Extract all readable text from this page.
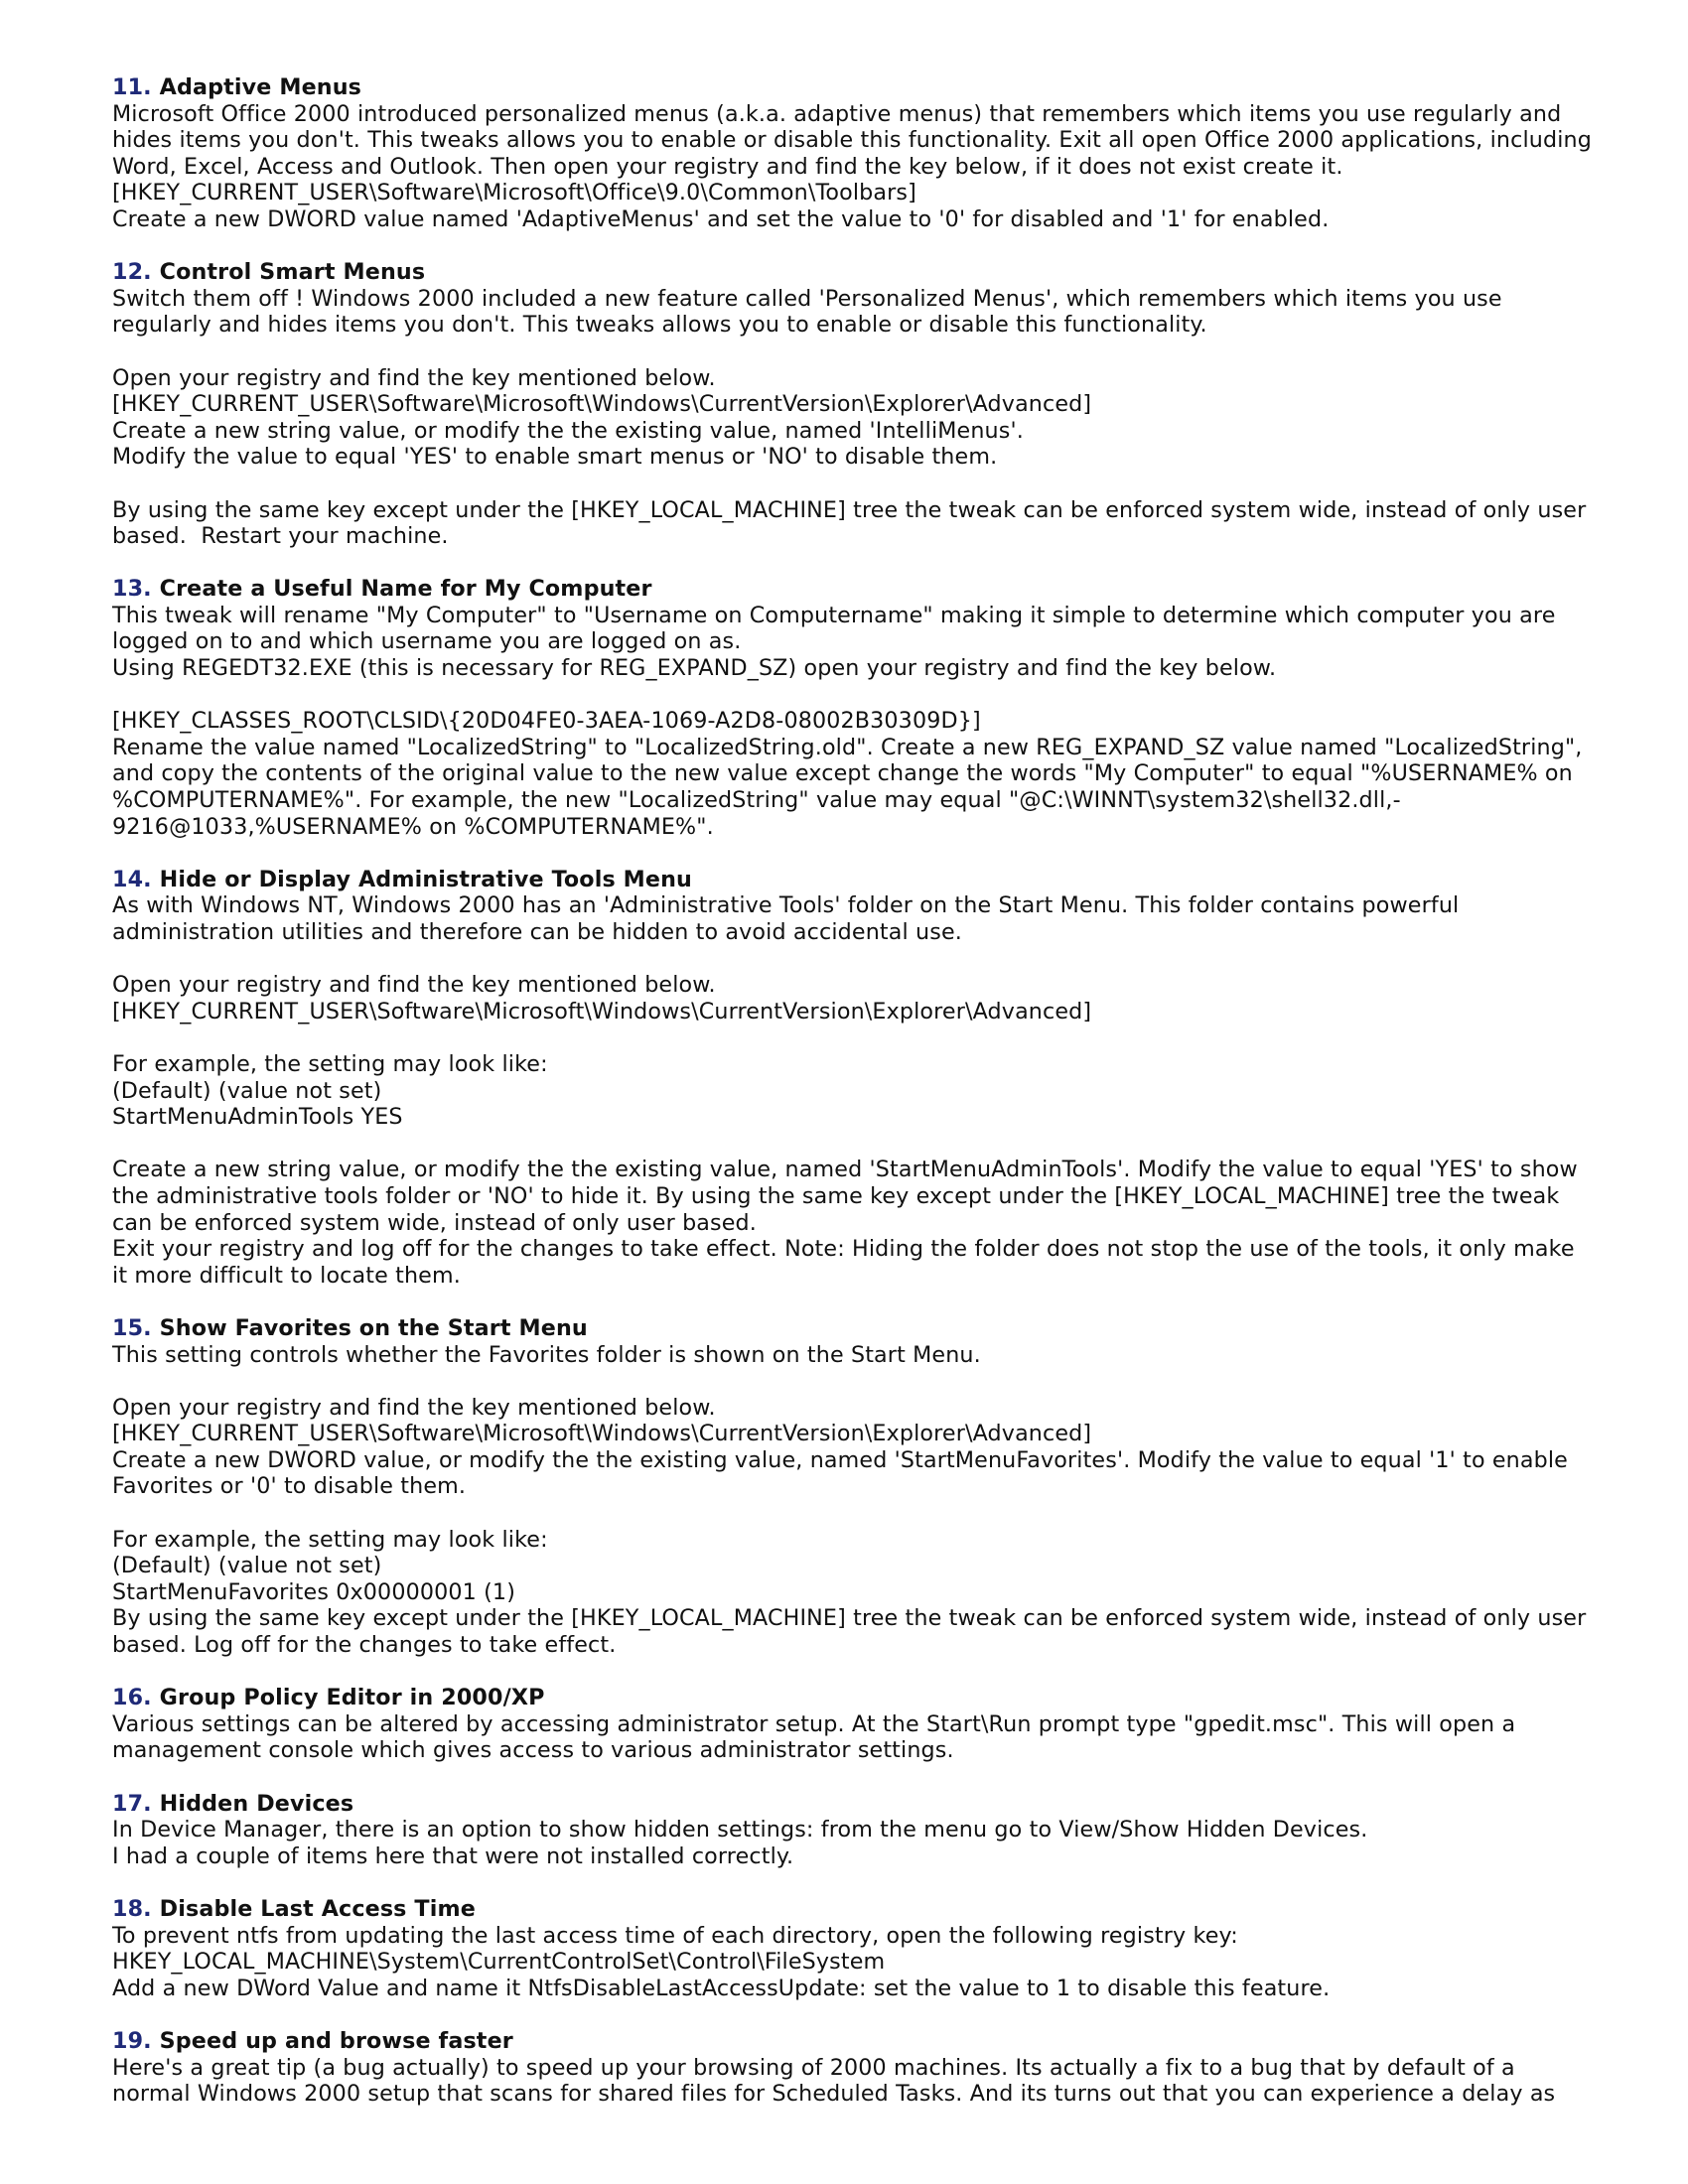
11. Adaptive Menus
Microsoft Office 2000 introduced personalized menus (a.k.a. adaptive menus) that remembers which items you use regularly and
hides items you don't. This tweaks allows you to enable or disable this functionality. Exit all open Office 2000 applications, including
Word, Excel, Access and Outlook. Then open your registry and find the key below, if it does not exist create it.
[HKEY_CURRENT_USER\Software\Microsoft\Office\9.0\Common\Toolbars]
Create a new DWORD value named 'AdaptiveMenus' and set the value to '0' for disabled and '1' for enabled.
12. Control Smart Menus
Switch them off ! Windows 2000 included a new feature called 'Personalized Menus', which remembers which items you use
regularly and hides items you don't. This tweaks allows you to enable or disable this functionality.
Open your registry and find the key mentioned below.
[HKEY_CURRENT_USER\Software\Microsoft\Windows\CurrentVersion\Explorer\Advanced]
Create a new string value, or modify the the existing value, named 'IntelliMenus'.
Modify the value to equal 'YES' to enable smart menus or 'NO' to disable them.
By using the same key except under the [HKEY_LOCAL_MACHINE] tree the tweak can be enforced system wide, instead of only user
based.  Restart your machine.
13. Create a Useful Name for My Computer
This tweak will rename "My Computer" to "Username on Computername" making it simple to determine which computer you are
logged on to and which username you are logged on as.
Using REGEDT32.EXE (this is necessary for REG_EXPAND_SZ) open your registry and find the key below.
[HKEY_CLASSES_ROOT\CLSID\{20D04FE0-3AEA-1069-A2D8-08002B30309D}]
Rename the value named "LocalizedString" to "LocalizedString.old". Create a new REG_EXPAND_SZ value named "LocalizedString",
and copy the contents of the original value to the new value except change the words "My Computer" to equal "%USERNAME% on
%COMPUTERNAME%". For example, the new "LocalizedString" value may equal "@C:\WINNT\system32\shell32.dll,-
9216@1033,%USERNAME% on %COMPUTERNAME%".
14. Hide or Display Administrative Tools Menu
As with Windows NT, Windows 2000 has an 'Administrative Tools' folder on the Start Menu. This folder contains powerful
administration utilities and therefore can be hidden to avoid accidental use.
Open your registry and find the key mentioned below.
[HKEY_CURRENT_USER\Software\Microsoft\Windows\CurrentVersion\Explorer\Advanced]
For example, the setting may look like:
(Default) (value not set)
StartMenuAdminTools YES
Create a new string value, or modify the the existing value, named 'StartMenuAdminTools'. Modify the value to equal 'YES' to show
the administrative tools folder or 'NO' to hide it. By using the same key except under the [HKEY_LOCAL_MACHINE] tree the tweak
can be enforced system wide, instead of only user based.
Exit your registry and log off for the changes to take effect. Note: Hiding the folder does not stop the use of the tools, it only make
it more difficult to locate them.
15. Show Favorites on the Start Menu
This setting controls whether the Favorites folder is shown on the Start Menu.
Open your registry and find the key mentioned below.
[HKEY_CURRENT_USER\Software\Microsoft\Windows\CurrentVersion\Explorer\Advanced]
Create a new DWORD value, or modify the the existing value, named 'StartMenuFavorites'. Modify the value to equal '1' to enable
Favorites or '0' to disable them.
For example, the setting may look like:
(Default) (value not set)
StartMenuFavorites 0x00000001 (1)
By using the same key except under the [HKEY_LOCAL_MACHINE] tree the tweak can be enforced system wide, instead of only user
based. Log off for the changes to take effect.
16. Group Policy Editor in 2000/XP
Various settings can be altered by accessing administrator setup. At the Start\Run prompt type "gpedit.msc". This will open a
management console which gives access to various administrator settings.
17. Hidden Devices
In Device Manager, there is an option to show hidden settings: from the menu go to View/Show Hidden Devices.
I had a couple of items here that were not installed correctly.
18. Disable Last Access Time
To prevent ntfs from updating the last access time of each directory, open the following registry key:
HKEY_LOCAL_MACHINE\System\CurrentControlSet\Control\FileSystem
Add a new DWord Value and name it NtfsDisableLastAccessUpdate: set the value to 1 to disable this feature.
19. Speed up and browse faster
Here's a great tip (a bug actually) to speed up your browsing of 2000 machines. Its actually a fix to a bug that by default of a
normal Windows 2000 setup that scans for shared files for Scheduled Tasks. And its turns out that you can experience a delay as
